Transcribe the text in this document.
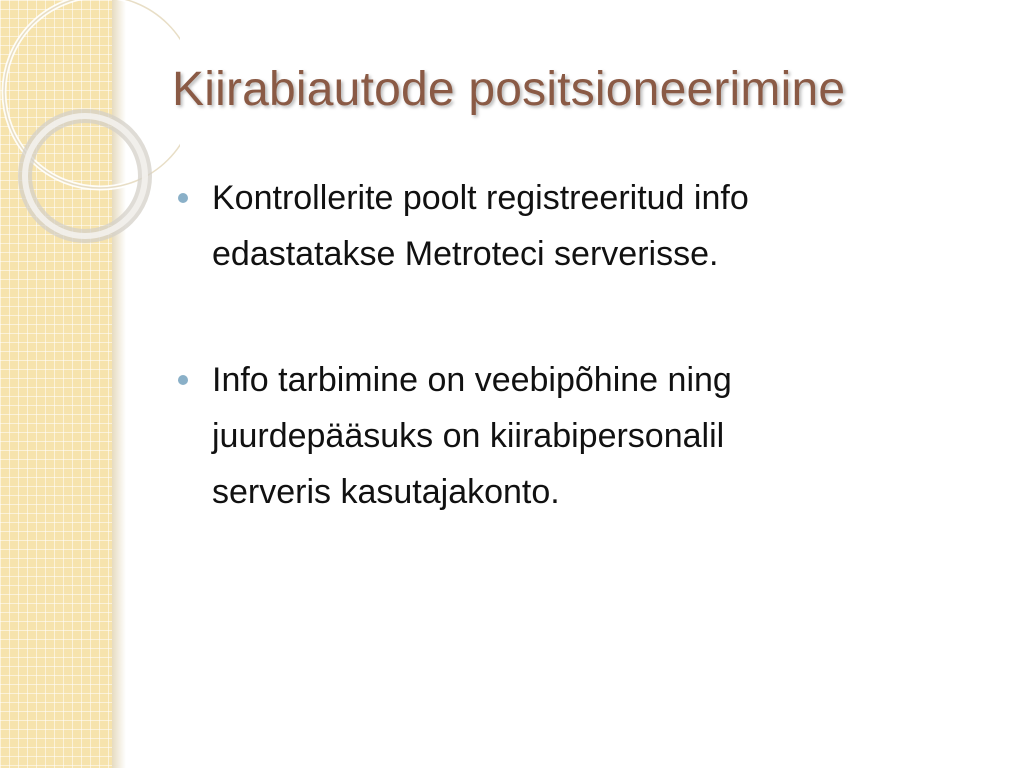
Kiirabiautode positsioneerimine
Kontrollerite poolt registreeritud info
edastatakse Metroteci serverisse.
Info tarbimine on veebipõhine ning
juurdepääsuks on kiirabipersonalil
serveris kasutajakonto.
